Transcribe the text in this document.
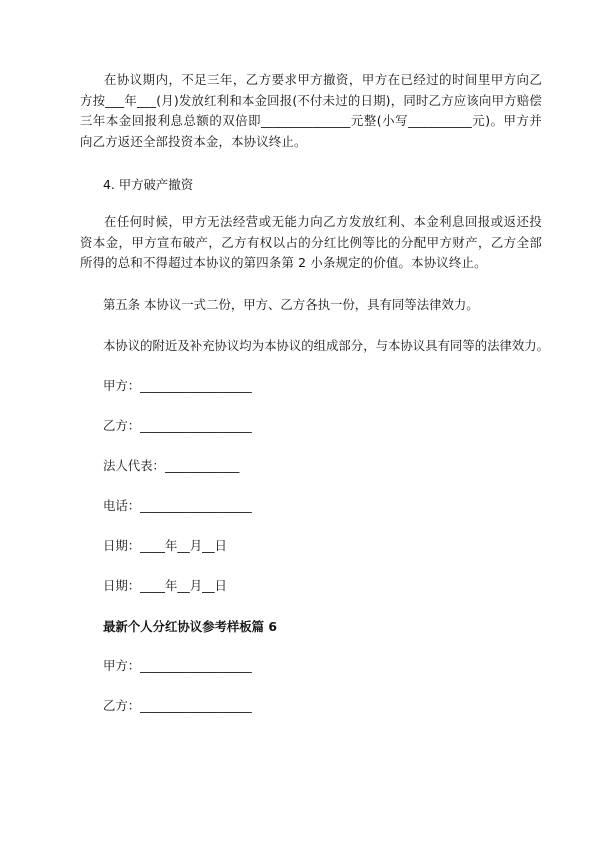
在协议期内，不足三年，乙方要求甲方撤资，甲方在已经过的时间里甲方向乙方按___年___(月)发放红利和本金回报(不付未过的日期)，同时乙方应该向甲方赔偿三年本金回报利息总额的双倍即______________元整(小写__________元)。甲方并向乙方返还全部投资本金，本协议终止。

4. 甲方破产撤资

在任何时候，甲方无法经营或无能力向乙方发放红利、本金利息回报或返还投资本金，甲方宣布破产，乙方有权以占的分红比例等比的分配甲方财产，乙方全部所得的总和不得超过本协议的第四条第 2 小条规定的价值。本协议终止。

第五条 本协议一式二份，甲方、乙方各执一份，具有同等法律效力。

本协议的附近及补充协议均为本协议的组成部分，与本协议具有同等的法律效力。

甲方：__________________

乙方：__________________

法人代表：____________

电话：__________________

日期：____年__月__日

日期：____年__月__日

最新个人分红协议参考样板篇 6

甲方：__________________

乙方：__________________
